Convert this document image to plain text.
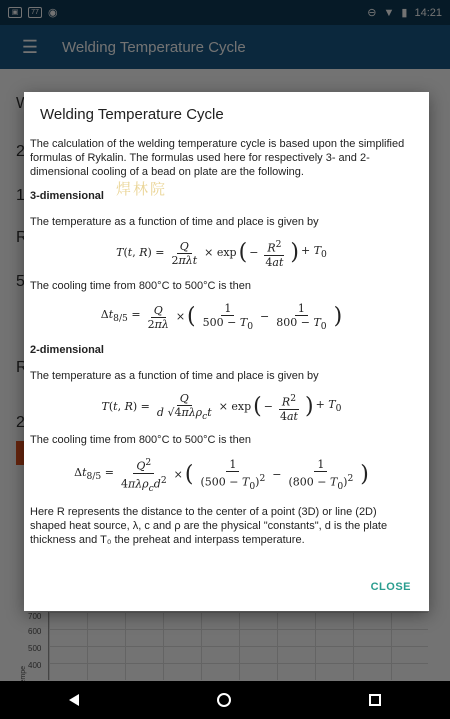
Welding Temperature Cycle
焊林院
The calculation of the welding temperature cycle is based upon the simplified formulas of Rykalin. The formulas used here for respectively 3- and 2-dimensional cooling of a bead on plate are the following.
3-dimensional
The temperature as a function of time and place is given by
T(t, $R) = \frac{Q}{\text{2πλt}} \times \exp$ ( − $\frac{R^2}{4at}$ ) + $T_0$
The cooling time from 800°C to 500°C is then
$\Delta t_{8/5} = \frac{Q}{2\pi\lambda}$ × ( $\frac{1}{500 - T_0} - \frac{1}{800 - T_0}$ )
2-dimensional
The temperature as a function of time and place is given by
T(t, $R) = \frac{Q}{d √4\pi\lambda\rho_ct} \times \exp$ ( − $\frac{R^2}{4at}$ ) + $T_0$
The cooling time from 800°C to 500°C is then
$\Delta t_{8/5} = \frac{Q^2}{4\pi\lambda\rho_cd^2}$ × ( $\frac{1}{(500 - T_0)^2} - \frac{1}{(800 - T_0)^2}$ )
Here R represents the distance to the center of a point (3D) or line (2D) shaped heat source, λ, c and ρ are the physical "constants", d is the plate thickness and T₀ the preheat and interpass temperature.
CLOSE
